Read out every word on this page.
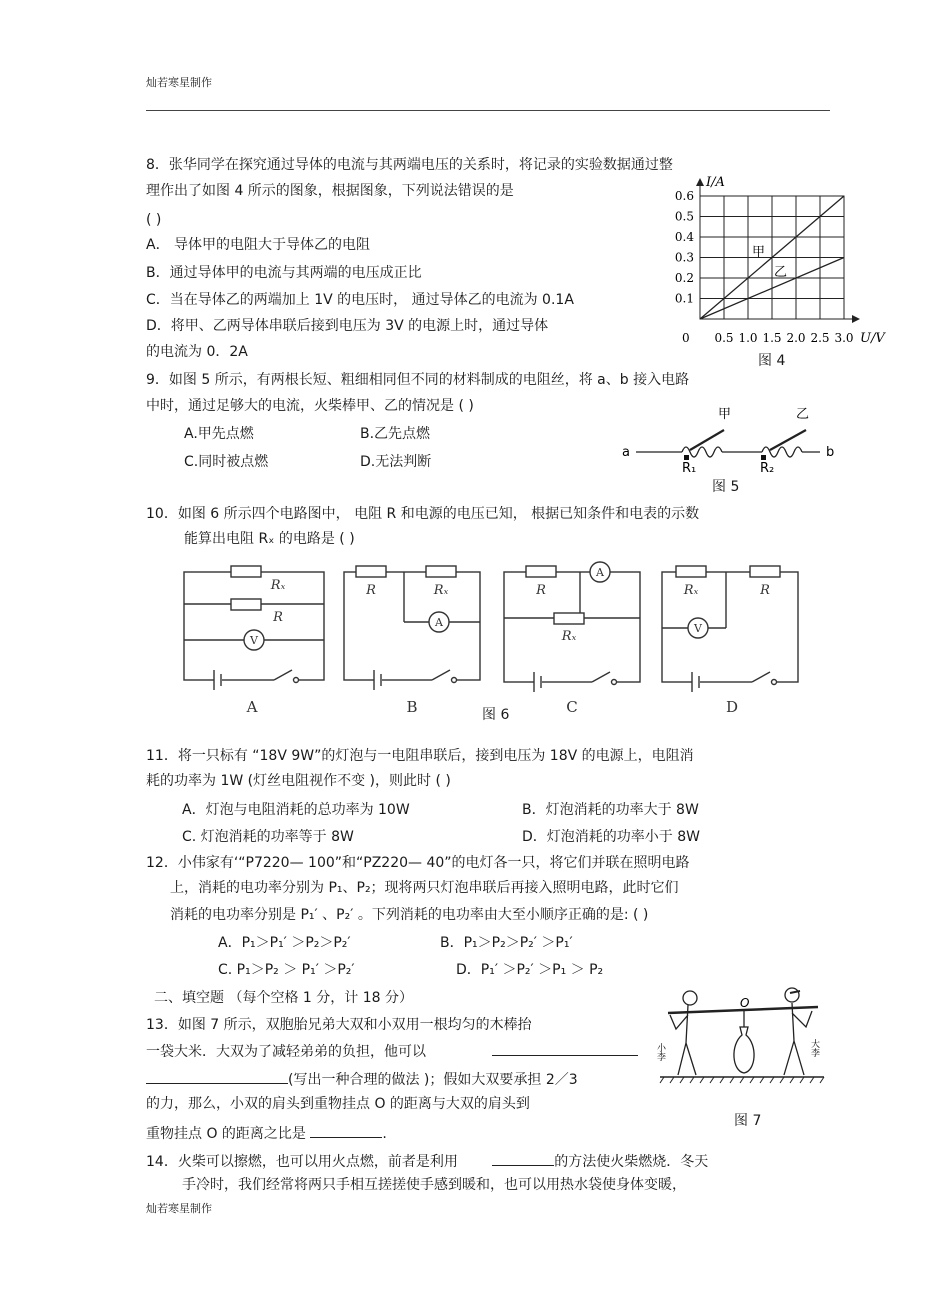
灿若寒星制作
8．张华同学在探究通过导体的电流与其两端电压的关系时，将记录的实验数据通过整
理作出了如图 4 所示的图象，根据图象，下列说法错误的是
( )
A． 导体甲的电阻大于导体乙的电阻
B．通过导体甲的电流与其两端的电压成正比
C．当在导体乙的两端加上 1V 的电压时， 通过导体乙的电流为 0.1A
D．将甲、乙两导体串联后接到电压为 3V 的电源上时，通过导体
的电流为 0．2A
I/A
U/V
0
0.6
0.5
0.4
0.3
0.2
0.1
0.5 1.0 1.5 2.0 2.5 3.0
甲
乙
图 4
9．如图 5 所示，有两根长短、粗细相同但不同的材料制成的电阻丝，将 a、b 接入电路
中时，通过足够大的电流，火柴棒甲、乙的情况是 ( )
A.甲先点燃	B.乙先点燃
C.同时被点燃	D.无法判断
a	b
甲	乙
R₁	R₂
图 5
10．如图 6 所示四个电路图中， 电阻 R 和电源的电压已知， 根据已知条件和电表的示数
能算出电阻 Rₓ 的电路是 ( )
Rₓ
R
R	Rₓ	R
Rₓ
Rₓ	R
V
A
A
V
A	B	C	D
图 6
11．将一只标有 “18V 9W”的灯泡与一电阻串联后，接到电压为 18V 的电源上，电阻消
耗的功率为 1W (灯丝电阻视作不变 )，则此时 ( )
A．灯泡与电阻消耗的总功率为 10W	B．灯泡消耗的功率大于 8W
C. 灯泡消耗的功率等于 8W	D．灯泡消耗的功率小于 8W
12．小伟家有‘“P7220— 100”和“PZ220— 40”的电灯各一只，将它们并联在照明电路
上，消耗的电功率分别为 P₁、P₂；现将两只灯泡串联后再接入照明电路，此时它们
消耗的电功率分别是 P₁′ 、P₂′ 。下列消耗的电功率由大至小顺序正确的是: ( )
A．P₁＞P₁′ ＞P₂＞P₂′	B．P₁＞P₂＞P₂′ ＞P₁′
C. P₁＞P₂ ＞ P₁′ ＞P₂′	D．P₁′ ＞P₂′ ＞P₁ ＞ P₂
二、填空题 （每个空格 1 分，计 18 分）
13．如图 7 所示，双胞胎兄弟大双和小双用一根均匀的木棒抬
一袋大米．大双为了减轻弟弟的负担，他可以
(写出一种合理的做法 )；假如大双要承担 2／3
的力，那么，小双的肩头到重物挂点 O 的距离与大双的肩头到
重物挂点 O 的距离之比是	.
O
小李	大李
图 7
14．火柴可以擦燃，也可以用火点燃，前者是利用	的方法使火柴燃烧．冬天
手冷时，我们经常将两只手相互搓搓使手感到暖和，也可以用热水袋使身体变暖，
灿若寒星制作
